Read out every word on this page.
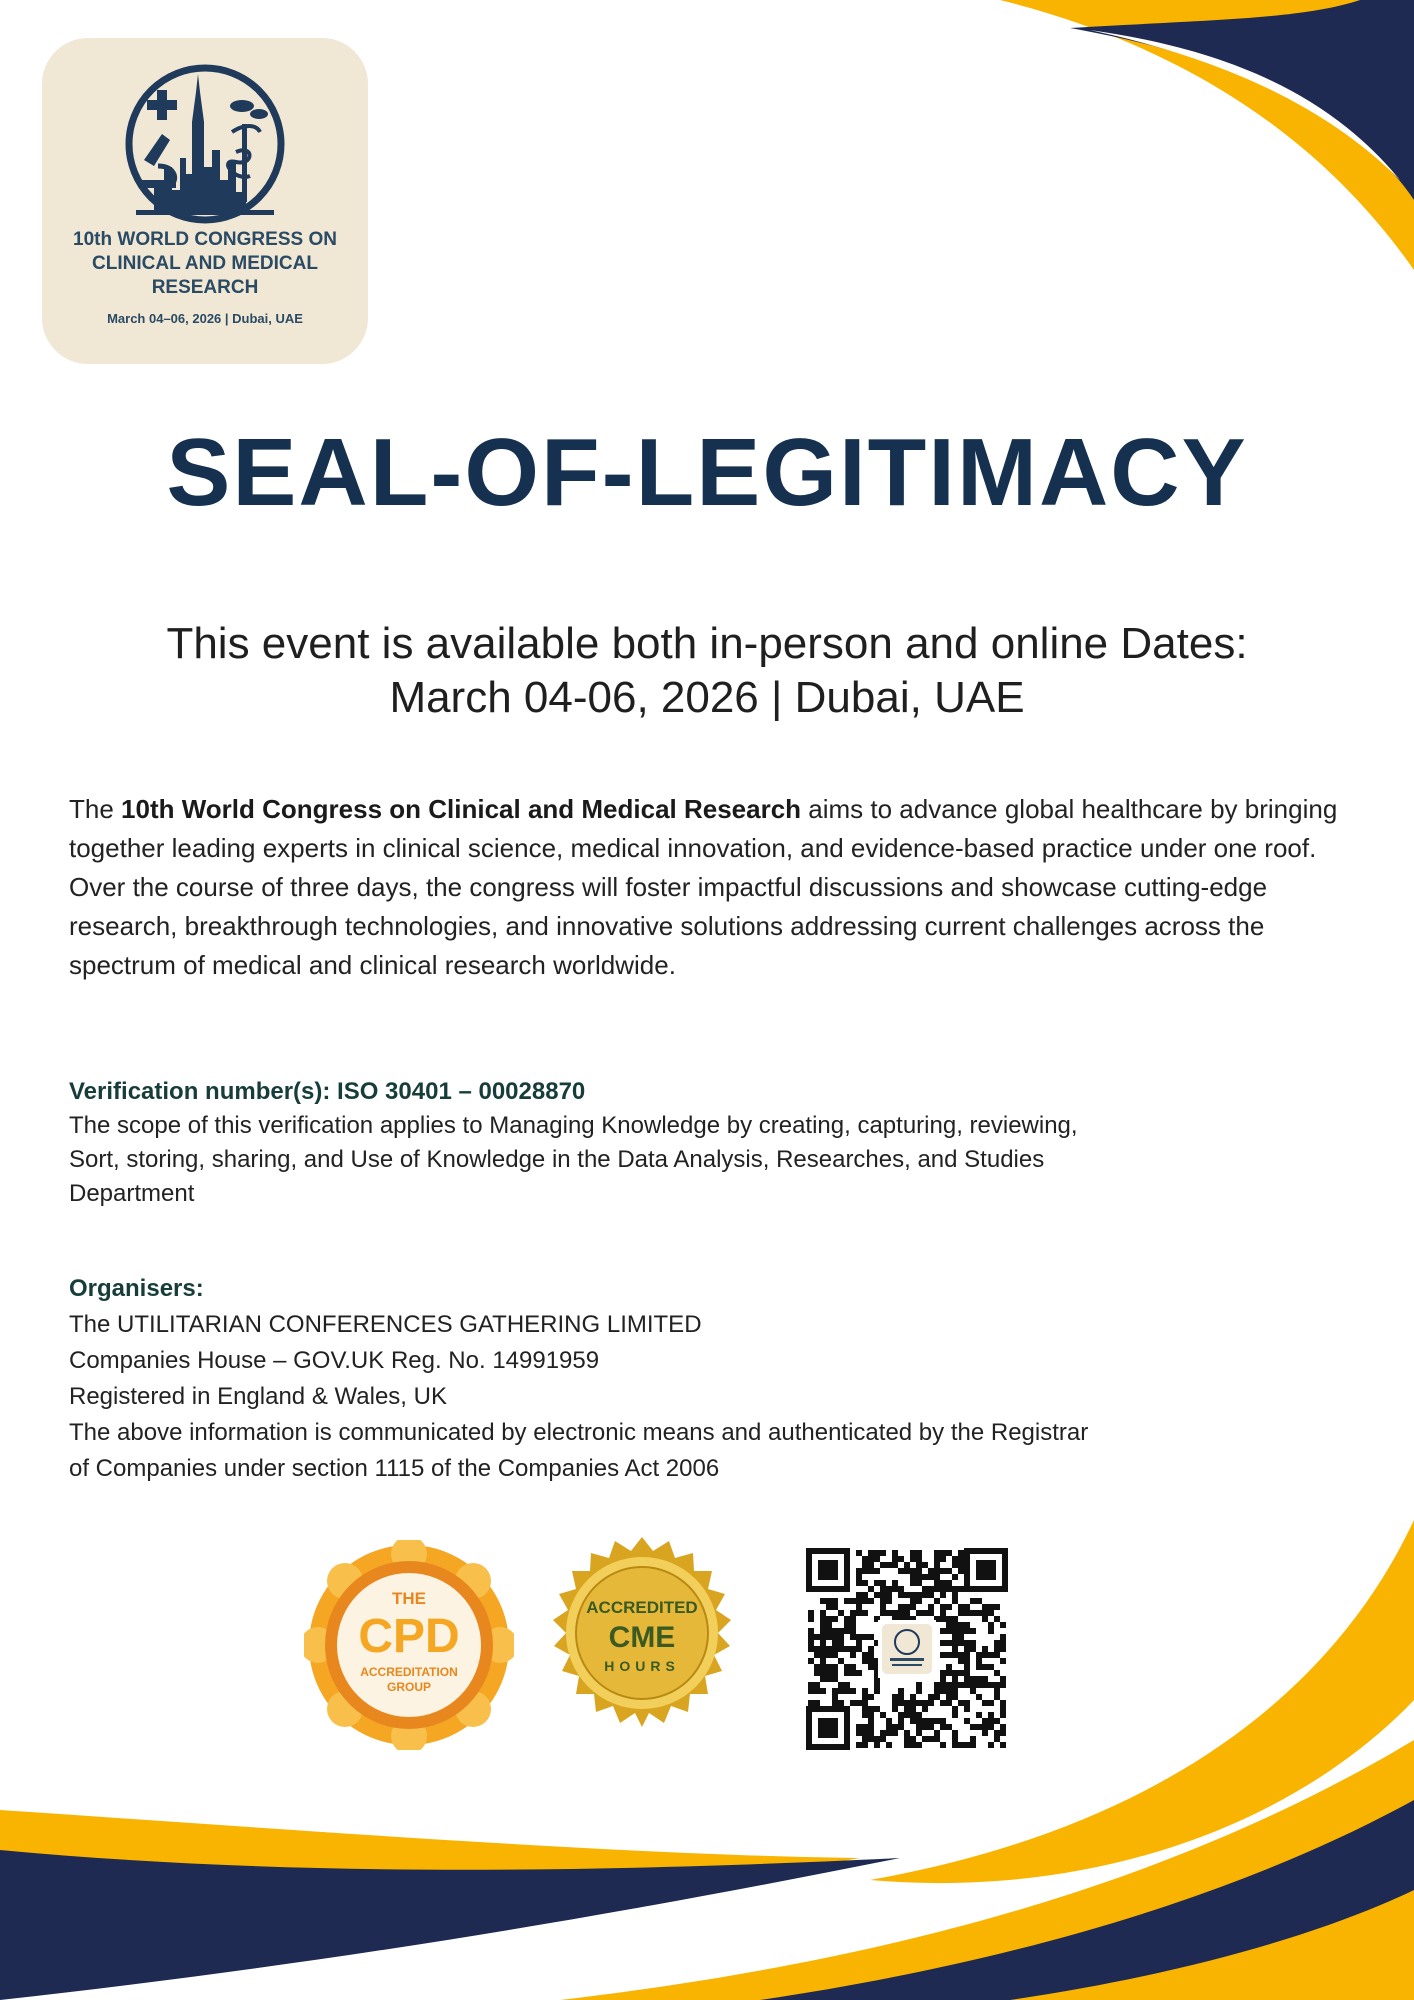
10th WORLD CONGRESS ON
CLINICAL AND MEDICAL
RESEARCH
March 04–06, 2026 | Dubai, UAE
SEAL-OF-LEGITIMACY
This event is available both in-person and online Dates:
March 04-06, 2026 | Dubai, UAE

The 10th World Congress on Clinical and Medical Research aims to advance global healthcare by bringing together leading experts in clinical science, medical innovation, and evidence-based practice under one roof. Over the course of three days, the congress will foster impactful discussions and showcase cutting-edge research, breakthrough technologies, and innovative solutions addressing current challenges across the spectrum of medical and clinical research worldwide.

Verification number(s): ISO 30401 – 00028870

The scope of this verification applies to Managing Knowledge by creating, capturing, reviewing,
Sort, storing, sharing, and Use of Knowledge in the Data Analysis, Researches, and Studies
Department

Organisers:

The UTILITARIAN CONFERENCES GATHERING LIMITED
Companies House – GOV.UK Reg. No. 14991959
Registered in England & Wales, UK
The above information is communicated by electronic means and authenticated by the Registrar
of Companies under section 1115 of the Companies Act 2006
THE
CPD
ACCREDITATION
GROUP
ACCREDITED
CME
HOURS
